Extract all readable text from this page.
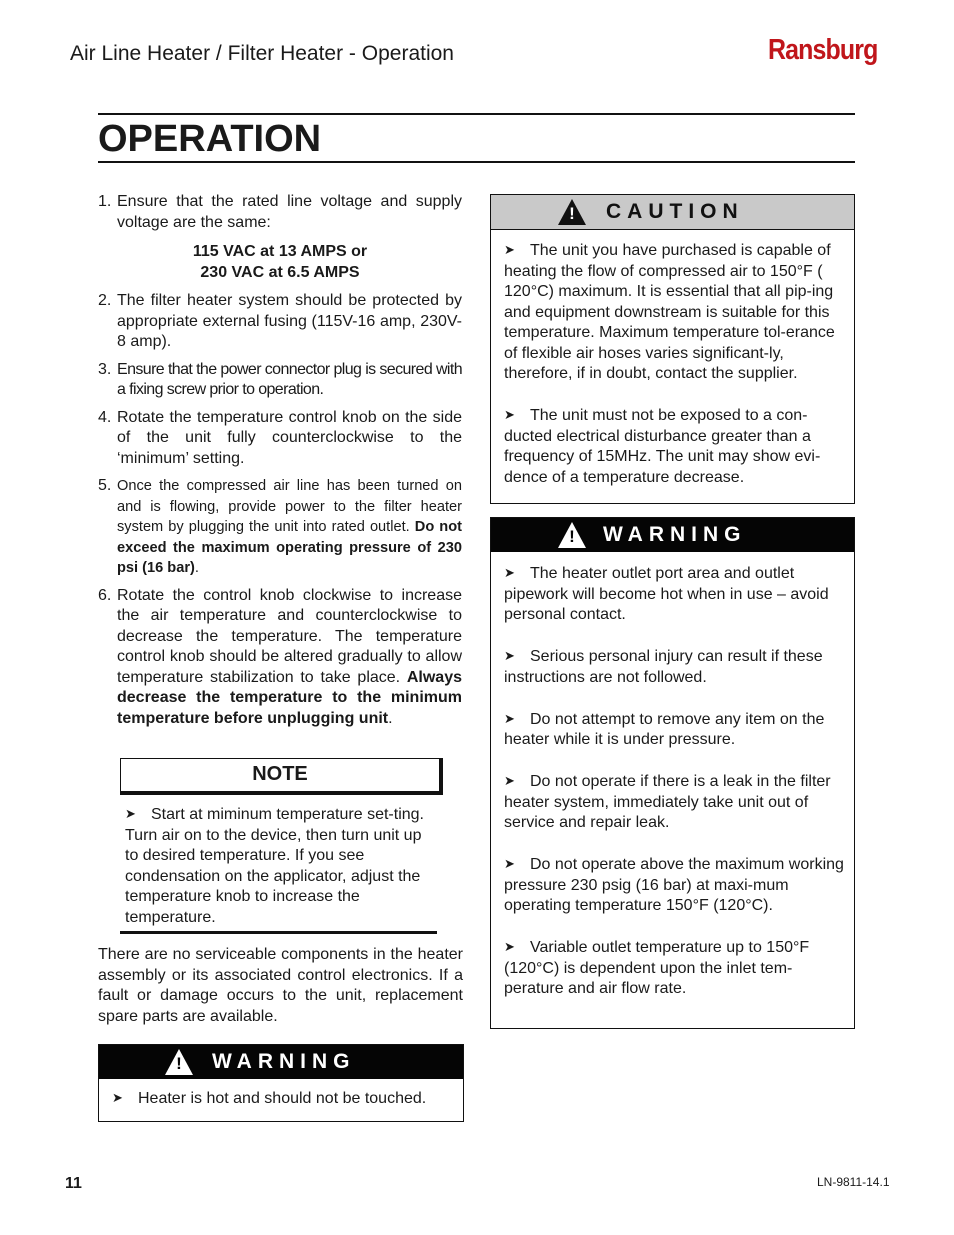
Air Line Heater / Filter Heater - Operation	Ransburg
OPERATION
1. Ensure that the rated line voltage and supply voltage are the same:
115 VAC at 13 AMPS or
230 VAC at 6.5 AMPS
2. The filter heater system should be protected by appropriate external fusing (115V-16 amp, 230V-8 amp).
3. Ensure that the power connector plug is secured with a fixing screw prior to operation.
4. Rotate the temperature control knob on the side of the unit fully counterclockwise to the ‘minimum’ setting.
5. Once the compressed air line has been turned on and is flowing, provide power to the filter heater system by plugging the unit into rated outlet. Do not exceed the maximum operating pressure of 230 psi (16 bar).
6. Rotate the control knob clockwise to increase the air temperature and counterclockwise to decrease the temperature. The temperature control knob should be altered gradually to allow temperature stabilization to take place. Always decrease the temperature to the minimum temperature before unplugging unit.
NOTE
➤ Start at miminum temperature set-ting. Turn air on to the device, then turn unit up to desired temperature. If you see condensation on the applicator, adjust the temperature knob to increase the temperature.
There are no serviceable components in the heater assembly or its associated control electronics. If a fault or damage occurs to the unit, replacement spare parts are available.
!	WARNING
➤ Heater is hot and should not be touched.
!	CAUTION
➤ The unit you have purchased is capable of heating the flow of compressed air to 150°F ( 120°C) maximum. It is essential that all pip-ing and equipment downstream is suitable for this temperature. Maximum temperature tol-erance of flexible air hoses varies significant-ly, therefore, if in doubt, contact the supplier.
➤ The unit must not be exposed to a con-ducted electrical disturbance greater than a frequency of 15MHz. The unit may show evi-dence of a temperature decrease.
!	WARNING
➤ The heater outlet port area and outlet pipework will become hot when in use – avoid personal contact.
➤ Serious personal injury can result if these instructions are not followed.
➤ Do not attempt to remove any item on the heater while it is under pressure.
➤ Do not operate if there is a leak in the filter heater system, immediately take unit out of service and repair leak.
➤ Do not operate above the maximum working pressure 230 psig (16 bar) at maxi-mum operating temperature 150°F (120°C).
➤ Variable outlet temperature up to 150°F (120°C) is dependent upon the inlet tem-perature and air flow rate.
11	LN-9811-14.1
